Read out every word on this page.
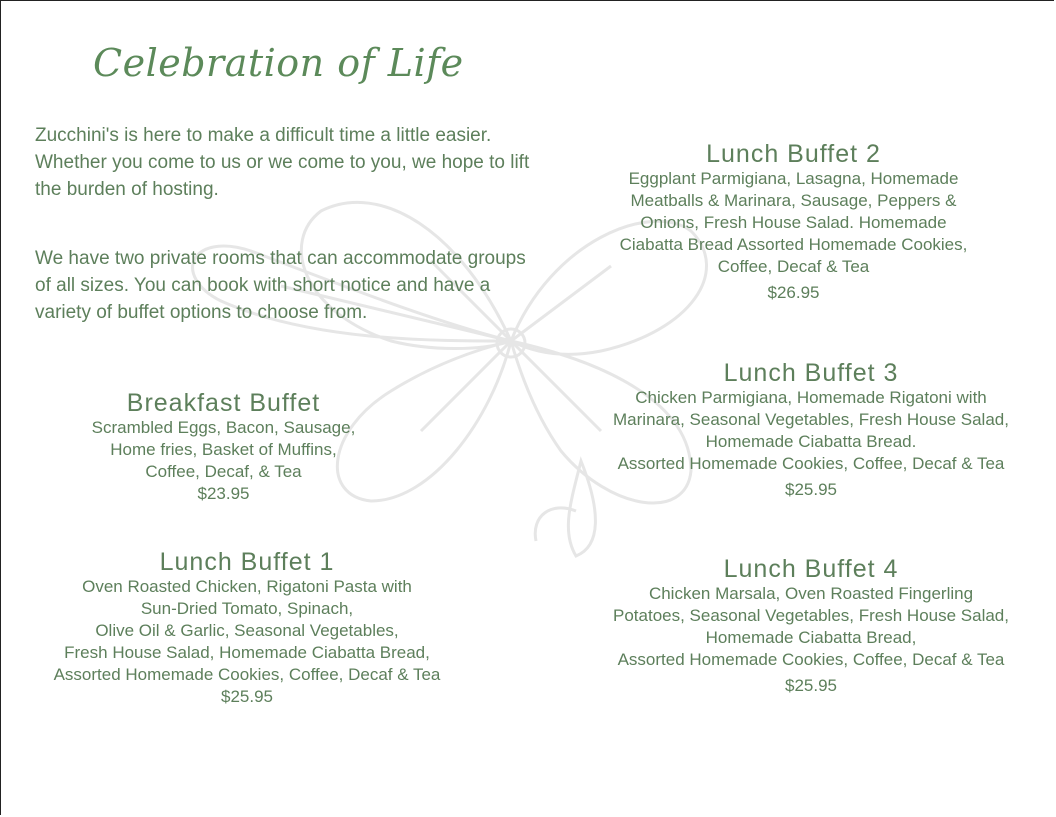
Celebration of Life

Zucchini's is here to make a difficult time a little easier. Whether you come to us or we come to you, we hope to lift the burden of hosting.

We have two private rooms that can accommodate groups of all sizes. You can book with short notice and have a variety of buffet options to choose from.

Breakfast Buffet
Scrambled Eggs, Bacon, Sausage,
Home fries, Basket of Muffins,
Coffee, Decaf, & Tea
$23.95
Lunch Buffet 1
Oven Roasted Chicken, Rigatoni Pasta with
Sun-Dried Tomato, Spinach,
Olive Oil & Garlic, Seasonal Vegetables,
Fresh House Salad, Homemade Ciabatta Bread,
Assorted Homemade Cookies, Coffee, Decaf & Tea
$25.95
Lunch Buffet 2
Eggplant Parmigiana, Lasagna, Homemade
Meatballs & Marinara, Sausage, Peppers &
Onions, Fresh House Salad. Homemade
Ciabatta Bread Assorted Homemade Cookies,
Coffee, Decaf & Tea
$26.95
Lunch Buffet 3
Chicken Parmigiana, Homemade Rigatoni with
Marinara, Seasonal Vegetables, Fresh House Salad,
Homemade Ciabatta Bread.
Assorted Homemade Cookies, Coffee, Decaf & Tea
$25.95
Lunch Buffet 4
Chicken Marsala, Oven Roasted Fingerling
Potatoes, Seasonal Vegetables, Fresh House Salad,
Homemade Ciabatta Bread,
Assorted Homemade Cookies, Coffee, Decaf & Tea
$25.95
